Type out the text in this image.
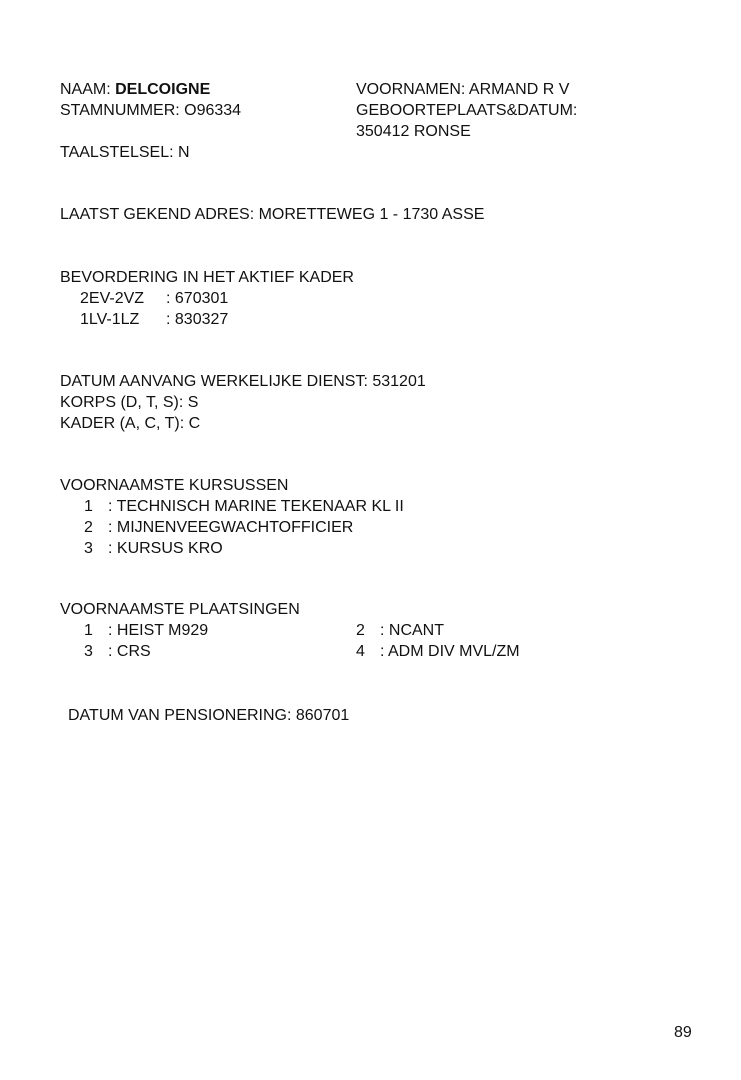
NAAM: DELCOIGNE
STAMNUMMER: O96334
TAALSTELSEL: N
VOORNAMEN: ARMAND R V
GEBOORTEPLAATS&DATUM:
350412 RONSE
LAATST GEKEND ADRES: MORETTEWEG 1 - 1730 ASSE
BEVORDERING IN HET AKTIEF KADER
2EV-2VZ : 670301
1LV-1LZ : 830327
DATUM AANVANG WERKELIJKE DIENST: 531201
KORPS (D, T, S): S
KADER (A, C, T): C
VOORNAAMSTE KURSUSSEN
1 : TECHNISCH MARINE TEKENAAR KL II
2 : MIJNENVEEGWACHTOFFICIER
3 : KURSUS KRO
VOORNAAMSTE PLAATSINGEN
1 : HEIST M929	2 : NCANT
3 : CRS	4 : ADM DIV MVL/ZM
DATUM VAN PENSIONERING: 860701
89
